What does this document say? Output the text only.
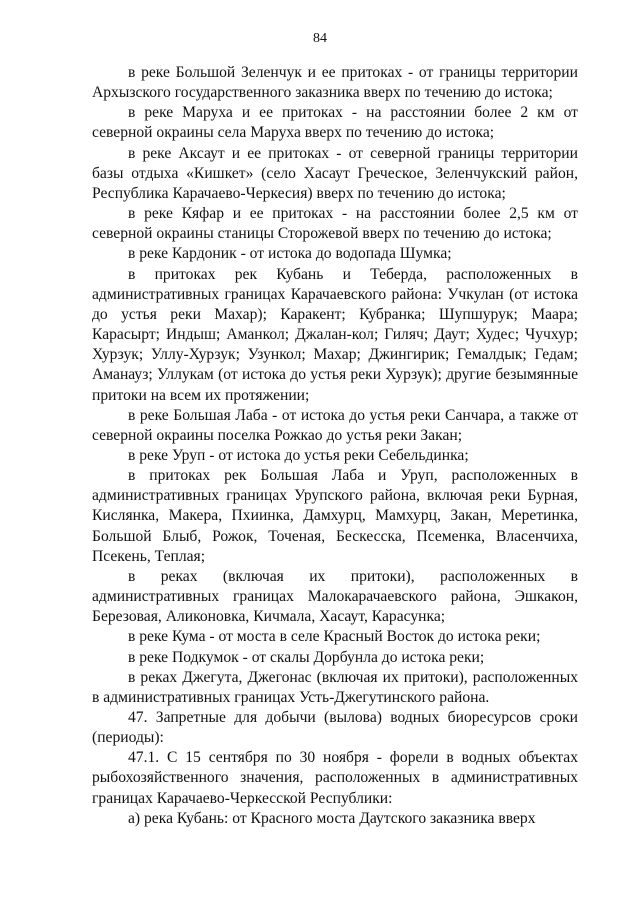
84

в реке Большой Зеленчук и ее притоках - от границы территории Архызского государственного заказника вверх по течению до истока;

в реке Маруха и ее притоках - на расстоянии более 2 км от северной окраины села Маруха вверх по течению до истока;

в реке Аксаут и ее притоках - от северной границы территории базы отдыха «Кишкет» (село Хасаут Греческое, Зеленчукский район, Республика Карачаево-Черкесия) вверх по течению до истока;

в реке Кяфар и ее притоках - на расстоянии более 2,5 км от северной окраины станицы Сторожевой вверх по течению до истока;

в реке Кардоник - от истока до водопада Шумка;

в притоках рек Кубань и Теберда, расположенных в административных границах Карачаевского района: Учкулан (от истока до устья реки Махар); Каракент; Кубранка; Шупшурук; Маара; Карасырт; Индыш; Аманкол; Джалан-кол; Гиляч; Даут; Худес; Чучхур; Хурзук; Уллу-Хурзук; Узункол; Махар; Джингирик; Гемалдык; Гедам; Аманауз; Уллукам (от истока до устья реки Хурзук); другие безымянные притоки на всем их протяжении;

в реке Большая Лаба - от истока до устья реки Санчара, а также от северной окраины поселка Рожкао до устья реки Закан;

в реке Уруп - от истока до устья реки Себельдинка;

в притоках рек Большая Лаба и Уруп, расположенных в административных границах Урупского района, включая реки Бурная, Кислянка, Макера, Пхиинка, Дамхурц, Мамхурц, Закан, Меретинка, Большой Блыб, Рожок, Точеная, Бескесска, Псеменка, Власенчиха, Псекень, Теплая;

в реках (включая их притоки), расположенных в административных границах Малокарачаевского района, Эшкакон, Березовая, Аликоновка, Кичмала, Хасаут, Карасунка;

в реке Кума - от моста в селе Красный Восток до истока реки;

в реке Подкумок - от скалы Дорбунла до истока реки;

в реках Джегута, Джегонас (включая их притоки), расположенных в административных границах Усть-Джегутинского района.

47. Запретные для добычи (вылова) водных биоресурсов сроки (периоды):

47.1. С 15 сентября по 30 ноября - форели в водных объектах рыбохозяйственного значения, расположенных в административных границах Карачаево-Черкесской Республики:

а) река Кубань: от Красного моста Даутского заказника вверх
